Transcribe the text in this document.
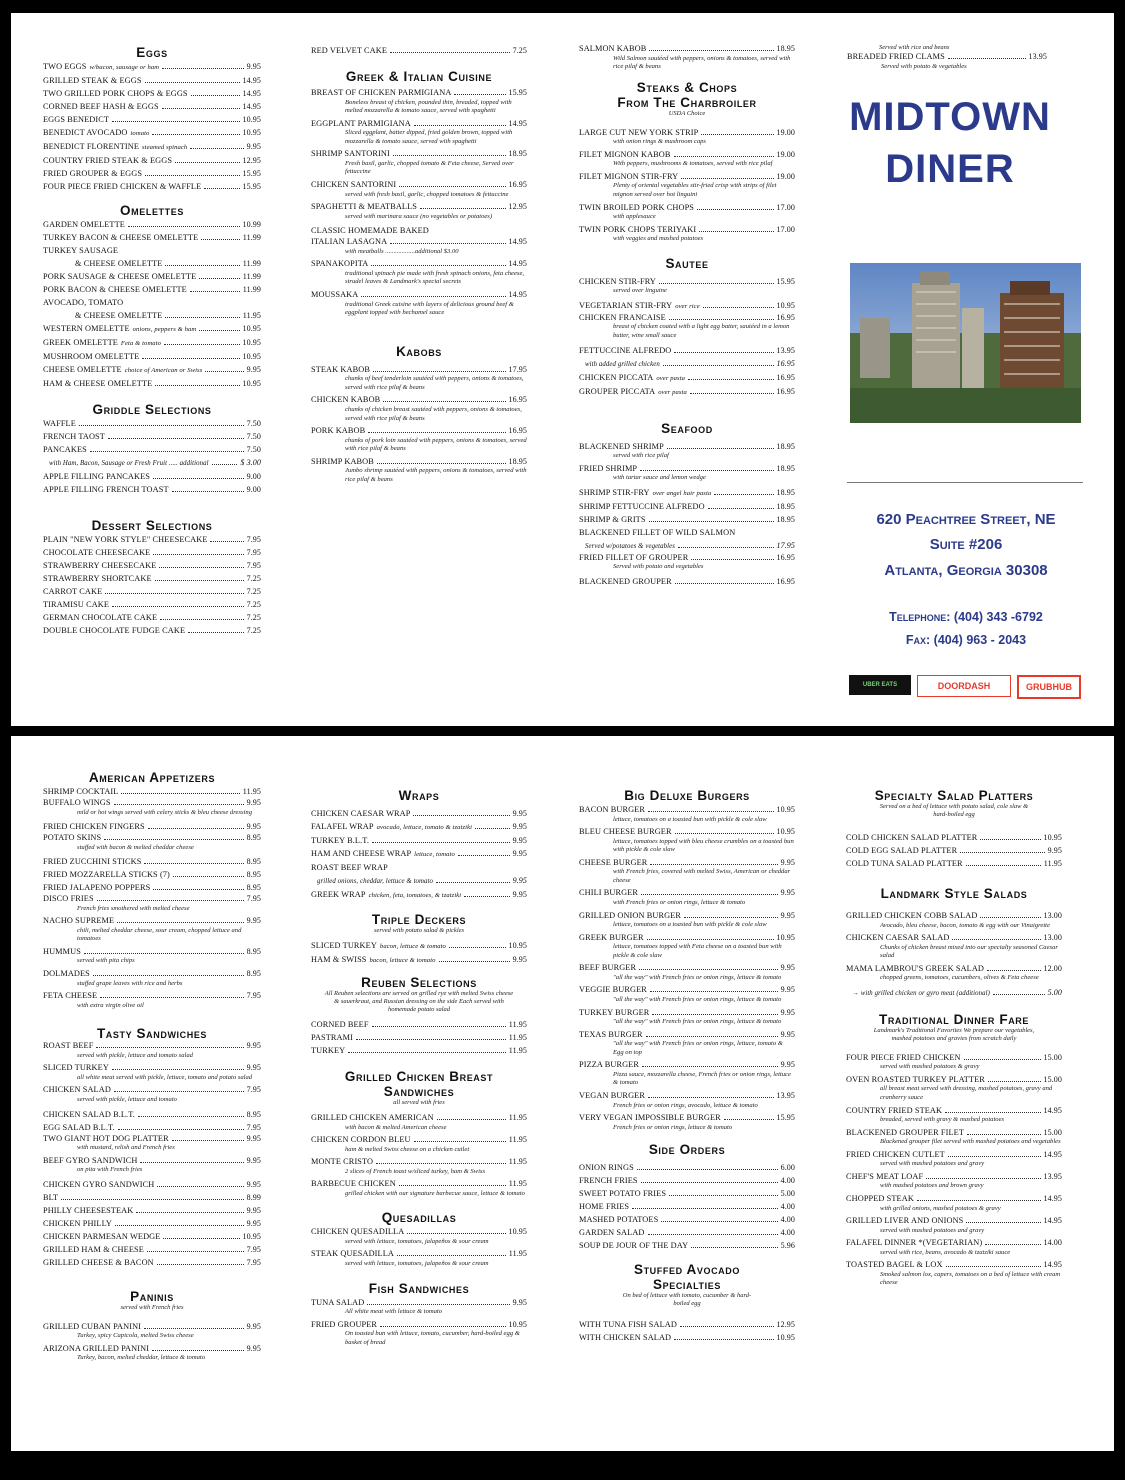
Eggs
TWO EGGS w/bacon, sausage or ham	9.95
GRILLED STEAK & EGGS	14.95
TWO GRILLED PORK CHOPS & EGGS	14.95
CORNED BEEF HASH & EGGS	14.95
EGGS BENEDICT	10.95
BENEDICT AVOCADO tomato	10.95
BENEDICT FLORENTINE steamed spinach	9.95
COUNTRY FRIED STEAK & EGGS	12.95
FRIED GROUPER & EGGS	15.95
FOUR PIECE FRIED CHICKEN & WAFFLE	15.95
Omelettes
GARDEN OMELETTE	10.99
TURKEY BACON & CHEESE OMELETTE	11.99
TURKEY SAUSAGE
& CHEESE OMELETTE	11.99
PORK SAUSAGE & CHEESE OMELETTE	11.99
PORK BACON & CHEESE OMELETTE	11.99
AVOCADO, TOMATO
& CHEESE OMELETTE	11.95
WESTERN OMELETTE onions, peppers & ham	10.95
GREEK OMELETTE Feta & tomato	10.95
MUSHROOM OMELETTE	10.95
CHEESE OMELETTE choice of American or Swiss	9.95
HAM & CHEESE OMELETTE	10.95
Griddle Selections
WAFFLE	7.50
FRENCH TAOST	7.50
PANCAKES	7.50
with Ham, Bacon, Sausage or Fresh Fruit ..... additional	$ 3.00
APPLE FILLING PANCAKES	9.00
APPLE FILLING FRENCH TOAST	9.00
Dessert Selections
PLAIN "NEW YORK STYLE" CHEESECAKE	7.95
CHOCOLATE CHEESECAKE	7.95
STRAWBERRY CHEESECAKE	7.95
STRAWBERRY SHORTCAKE	7.25
CARROT CAKE	7.25
TIRAMISU CAKE	7.25
GERMAN CHOCOLATE CAKE	7.25
DOUBLE CHOCOLATE FUDGE CAKE	7.25
RED VELVET CAKE	7.25
Greek & Italian Cuisine
BREAST OF CHICKEN PARMIGIANA	15.95
Boneless breast of chicken, pounded thin, breaded, topped with melted mozzarella & tomato sauce, served with spaghetti
EGGPLANT PARMIGIANA	14.95
Sliced eggplant, batter dipped, fried golden brown, topped with mozzarella & tomato sauce, served with spaghetti
SHRIMP SANTORINI	18.95
Fresh basil, garlic, chopped tomato & Feta cheese, Served over fettuccine
CHICKEN SANTORINI	16.95
served with fresh basil, garlic, chopped tomatoes & fettuccine
SPAGHETTI & MEATBALLS	12.95
served with marinara sauce (no vegetables or potatoes)
CLASSIC HOMEMADE BAKED
ITALIAN LASAGNA	14.95
with meatballs ..................additional $3.00
SPANAKOPITA	14.95
traditional spinach pie made with fresh spinach onions, feta cheese, strudel leaves & Landmark's special secrets
MOUSSAKA	14.95
traditional Greek cuisine with layers of delicious ground beef & eggplant topped with bechamel sauce
Kabobs
STEAK KABOB	17.95
chunks of beef tenderloin sautéed with peppers, onions & tomatoes, served with rice pilaf & beans
CHICKEN KABOB	16.95
chunks of chicken breast sautéed with peppers, onions & tomatoes, served with rice pilaf & beans
PORK KABOB	16.95
chunks of pork loin sautéed with peppers, onions & tomatoes, served with rice pilaf & beans
SHRIMP KABOB	18.95
Jumbo shrimp sautéed with peppers, onions & tomatoes, served with rice pilaf & beans
SALMON KABOB	18.95
Wild Salmon sautéed with peppers, onions & tomatoes, served with rice pilaf & beans
Steaks & Chops
From The Charbroiler
USDA Choice
LARGE CUT NEW YORK STRIP	19.00
with onion rings & mushroom caps
FILET MIGNON KABOB	19.00
With peppers, mushrooms & tomatoes, served with rice pilaf
FILET MIGNON STIR-FRY	19.00
Plenty of oriental vegetables stir-fried crisp with strips of filet mignon served over hot linguini
TWIN BROILED PORK CHOPS	17.00
with applesauce
TWIN PORK CHOPS TERIYAKI	17.00
with veggies and mashed potatoes
Sautee
CHICKEN STIR-FRY	15.95
served over linguine
VEGETARIAN STIR-FRY over rice	10.95
CHICKEN FRANCAISE	16.95
breast of chicken coated with a light egg batter, sautéed in a lemon butter, wine small sauce
FETTUCCINE ALFREDO	13.95
with added grilled chicken	16.95
CHICKEN PICCATA over pasta	16.95
GROUPER PICCATA over pasta	16.95
Seafood
BLACKENED SHRIMP	18.95
served with rice pilaf
FRIED SHRIMP	18.95
with tartar sauce and lemon wedge
SHRIMP STIR-FRY over angel hair pasta	18.95
SHRIMP FETTUCCINE ALFREDO	18.95
SHRIMP & GRITS	18.95
BLACKENED FILLET OF WILD SALMON
Served w/potatoes & vegetables	17.95
FRIED FILLET OF GROUPER	16.95
Served with potato and vegetables
BLACKENED GROUPER	16.95
Served with rice and beans
BREADED FRIED CLAMS	13.95
Served with potato & vegetables
MIDTOWN
DINER
620 Peachtree Street, NE
Suite #206
Atlanta, Georgia 30308
Telephone: (404) 343 -6792
Fax: (404) 963 - 2043
UBER EATS	DOORDASH	GRUBHUB
American Appetizers
SHRIMP COCKTAIL	11.95
BUFFALO WINGS	9.95
mild or hot wings served with celery sticks & bleu cheese dressing
FRIED CHICKEN FINGERS	9.95
POTATO SKINS	8.95
stuffed with bacon & melted cheddar cheese
FRIED ZUCCHINI STICKS	8.95
FRIED MOZZARELLA STICKS (7)	8.95
FRIED JALAPENO POPPERS	8.95
DISCO FRIES	7.95
French fries smothered with melted cheese
NACHO SUPREME	9.95
chili, melted cheddar cheese, sour cream, chopped lettuce and tomatoes
HUMMUS	8.95
served with pita chips
DOLMADES	8.95
stuffed grape leaves with rice and herbs
FETA CHEESE	7.95
with extra virgin olive oil
Tasty Sandwiches
ROAST BEEF	9.95
served with pickle, lettuce and tomato salad
SLICED TURKEY	9.95
all white meat served with pickle, lettuce, tomato and potato salad
CHICKEN SALAD	7.95
served with pickle, lettuce and tomato
CHICKEN SALAD B.L.T.	8.95
EGG SALAD B.L.T.	7.95
TWO GIANT HOT DOG PLATTER	9.95
with mustard, relish and French fries
BEEF GYRO SANDWICH	9.95
on pita with French fries
CHICKEN GYRO SANDWICH	9.95
BLT	8.99
PHILLY CHEESESTEAK	9.95
CHICKEN PHILLY	9.95
CHICKEN PARMESAN WEDGE	10.95
GRILLED HAM & CHEESE	7.95
GRILLED CHEESE & BACON	7.95
Paninis
served with French fries
GRILLED CUBAN PANINI	9.95
Turkey, spicy Capicola, melted Swiss cheese
ARIZONA GRILLED PANINI	9.95
Turkey, bacon, melted cheddar, lettuce & tomato
Wraps
CHICKEN CAESAR WRAP	9.95
FALAFEL WRAP avocado, lettuce, tomato & tzatziki	9.95
TURKEY B.L.T.	9.95
HAM AND CHEESE WRAP lettuce, tomato	9.95
ROAST BEEF WRAP
grilled onions, cheddar, lettuce & tomato	9.95
GREEK WRAP chicken, feta, tomatoes, & tzatziki	9.95
Triple Deckers
served with potato salad & pickles
SLICED TURKEY bacon, lettuce & tomato	10.95
HAM & SWISS bacon, lettuce & tomato	9.95
Reuben Selections
All Reuben selections are served on grilled rye with melted Swiss cheese & sauerkraut, and Russian dressing on the side Each served with homemade potato salad
CORNED BEEF	11.95
PASTRAMI	11.95
TURKEY	11.95
Grilled Chicken Breast
Sandwiches
all served with fries
GRILLED CHICKEN AMERICAN	11.95
with bacon & melted American cheese
CHICKEN CORDON BLEU	11.95
ham & melted Swiss cheese on a chicken cutlet
MONTE CRISTO	11.95
2 slices of French toast w/sliced turkey, ham & Swiss
BARBECUE CHICKEN	11.95
grilled chicken with our signature barbecue sauce, lettuce & tomato
Quesadillas
CHICKEN QUESADILLA	10.95
served with lettuce, tomatoes, jalapeños & sour cream
STEAK QUESADILLA	11.95
served with lettuce, tomatoes, jalapeños & sour cream
Fish Sandwiches
TUNA SALAD	9.95
All white meat with lettuce & tomato
FRIED GROUPER	10.95
On toasted bun with lettuce, tomato, cucumber, hard-boiled egg & basket of bread
Big Deluxe Burgers
BACON BURGER	10.95
lettuce, tomatoes on a toasted bun with pickle & cole slaw
BLEU CHEESE BURGER	10.95
lettuce, tomatoes topped with bleu cheese crumbles on a toasted bun with pickle & cole slaw
CHEESE BURGER	9.95
with French fries, covered with melted Swiss, American or cheddar cheese
CHILI BURGER	9.95
with French fries or onion rings, lettuce & tomato
GRILLED ONION BURGER	9.95
lettuce, tomatoes on a toasted bun with pickle & cole slaw
GREEK BURGER	10.95
lettuce, tomatoes topped with Feta cheese on a toasted bun with pickle & cole slaw
BEEF BURGER	9.95
"all the way" with French fries or onion rings, lettuce & tomato
VEGGIE BURGER	9.95
"all the way" with French fries or onion rings, lettuce & tomato
TURKEY BURGER	9.95
"all the way" with French fries or onion rings, lettuce & tomato
TEXAS BURGER	9.95
"all the way" with French fries or onion rings, lettuce, tomato & Egg on top
PIZZA BURGER	9.95
Pizza sauce, mozzarella cheese, French fries or onion rings, lettuce & tomato
VEGAN BURGER	13.95
French fries or onion rings, avocado, lettuce & tomato
VERY VEGAN IMPOSSIBLE BURGER	15.95
French fries or onion rings, lettuce & tomato
Side Orders
ONION RINGS	6.00
FRENCH FRIES	4.00
SWEET POTATO FRIES	5.00
HOME FRIES	4.00
MASHED POTATOES	4.00
GARDEN SALAD	4.00
SOUP DE JOUR OF THE DAY	5.96
Stuffed Avocado
Specialties
On bed of lettuce with tomato, cucumber & hard-boiled egg
WITH TUNA FISH SALAD	12.95
WITH CHICKEN SALAD	10.95
Specialty Salad Platters
Served on a bed of lettuce with potato salad, cole slaw & hard-boiled egg
COLD CHICKEN SALAD PLATTER	10.95
COLD EGG SALAD PLATTER	9.95
COLD TUNA SALAD PLATTER	11.95
Landmark Style Salads
GRILLED CHICKEN COBB SALAD	13.00
Avocado, bleu cheese, bacon, tomato & egg with our Vinaigrette
CHICKEN CAESAR SALAD	13.00
Chunks of chicken breast mixed into our specialty seasoned Caesar salad
MAMA LAMBROU'S GREEK SALAD	12.00
chopped greens, tomatoes, cucumbers, olives & Feta cheese
→ with grilled chicken or gyro meat (additional)	5.00
Traditional Dinner Fare
Landmark's Traditional Favorites We prepare our vegetables, mashed potatoes and gravies from scratch daily
FOUR PIECE FRIED CHICKEN	15.00
served with mashed potatoes & gravy
OVEN ROASTED TURKEY PLATTER	15.00
all breast meat served with dressing, mashed potatoes, gravy and cranberry sauce
COUNTRY FRIED STEAK	14.95
breaded, served with gravy & mashed potatoes
BLACKENED GROUPER FILET	15.00
Blackened grouper filet served with mashed potatoes and vegetables
FRIED CHICKEN CUTLET	14.95
served with mashed potatoes and gravy
CHEF'S MEAT LOAF	13.95
with mashed potatoes and brown gravy
CHOPPED STEAK	14.95
with grilled onions, mashed potatoes & gravy
GRILLED LIVER AND ONIONS	14.95
served with mashed potatoes and gravy
FALAFEL DINNER *(VEGETARIAN)	14.00
served with rice, beans, avocado & tzatziki sauce
TOASTED BAGEL & LOX	14.95
Smoked salmon lox, capers, tomatoes on a bed of lettuce with cream cheese
